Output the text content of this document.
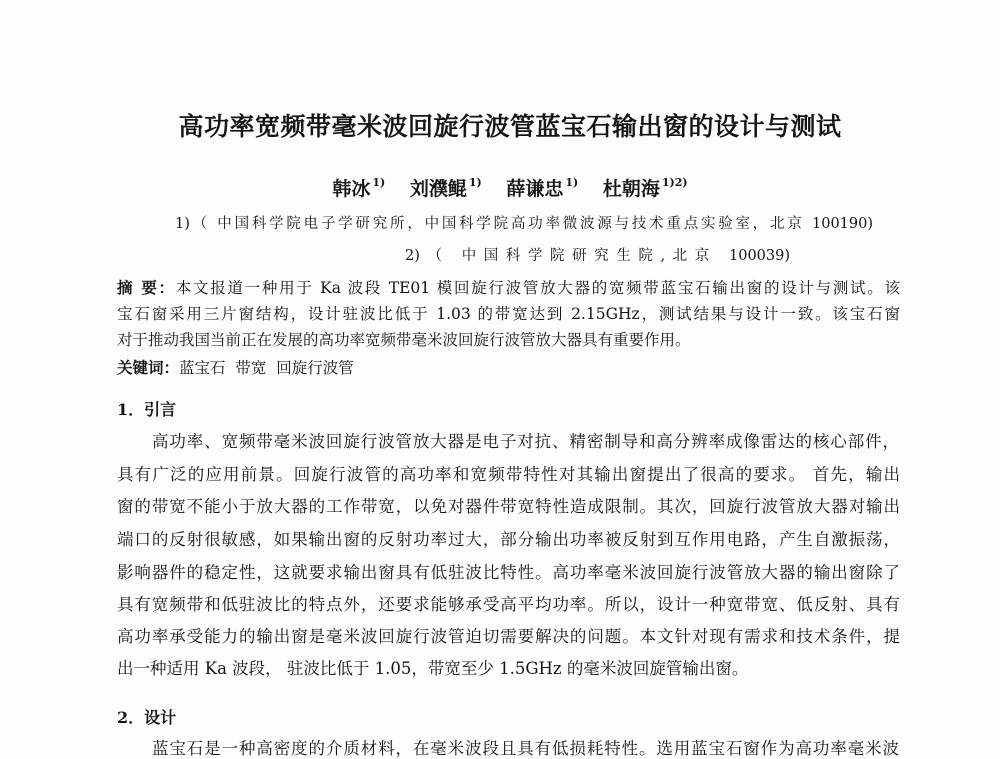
高功率宽频带毫米波回旋行波管蓝宝石输出窗的设计与测试
韩冰 $^{1)}$ 刘濮鲲 $^{1)}$ 薛谦忠 $^{1)}$ 杜朝海 $^{1)2)}$
1)（ 中国科学院电子学研究所，中国科学院高功率微波源与技术重点实验室，北京 100190)
2)（ 中国科学院研究生院,北京 100039)
摘 要：本文报道一种用于 Ka 波段 TE01 模回旋行波管放大器的宽频带蓝宝石输出窗的设计与测试。该
宝石窗采用三片窗结构，设计驻波比低于 1.03 的带宽达到 2.15GHz，测试结果与设计一致。该宝石窗
对于推动我国当前正在发展的高功率宽频带毫米波回旋行波管放大器具有重要作用。
关键词：蓝宝石  带宽  回旋行波管
1．引言
高功率、宽频带毫米波回旋行波管放大器是电子对抗、精密制导和高分辨率成像雷达的核心部件，
具有广泛的应用前景。回旋行波管的高功率和宽频带特性对其输出窗提出了很高的要求。 首先，输出
窗的带宽不能小于放大器的工作带宽，以免对器件带宽特性造成限制。其次，回旋行波管放大器对输出
端口的反射很敏感，如果输出窗的反射功率过大，部分输出功率被反射到互作用电路，产生自激振荡，
影响器件的稳定性，这就要求输出窗具有低驻波比特性。高功率毫米波回旋行波管放大器的输出窗除了
具有宽频带和低驻波比的特点外，还要求能够承受高平均功率。所以，设计一种宽带宽、低反射、具有
高功率承受能力的输出窗是毫米波回旋行波管迫切需要解决的问题。本文针对现有需求和技术条件，提
出一种适用 Ka 波段， 驻波比低于 1.05，带宽至少 1.5GHz 的毫米波回旋管输出窗。
2．设计
蓝宝石是一种高密度的介质材料，在毫米波段且具有低损耗特性。选用蓝宝石窗作为高功率毫米波
